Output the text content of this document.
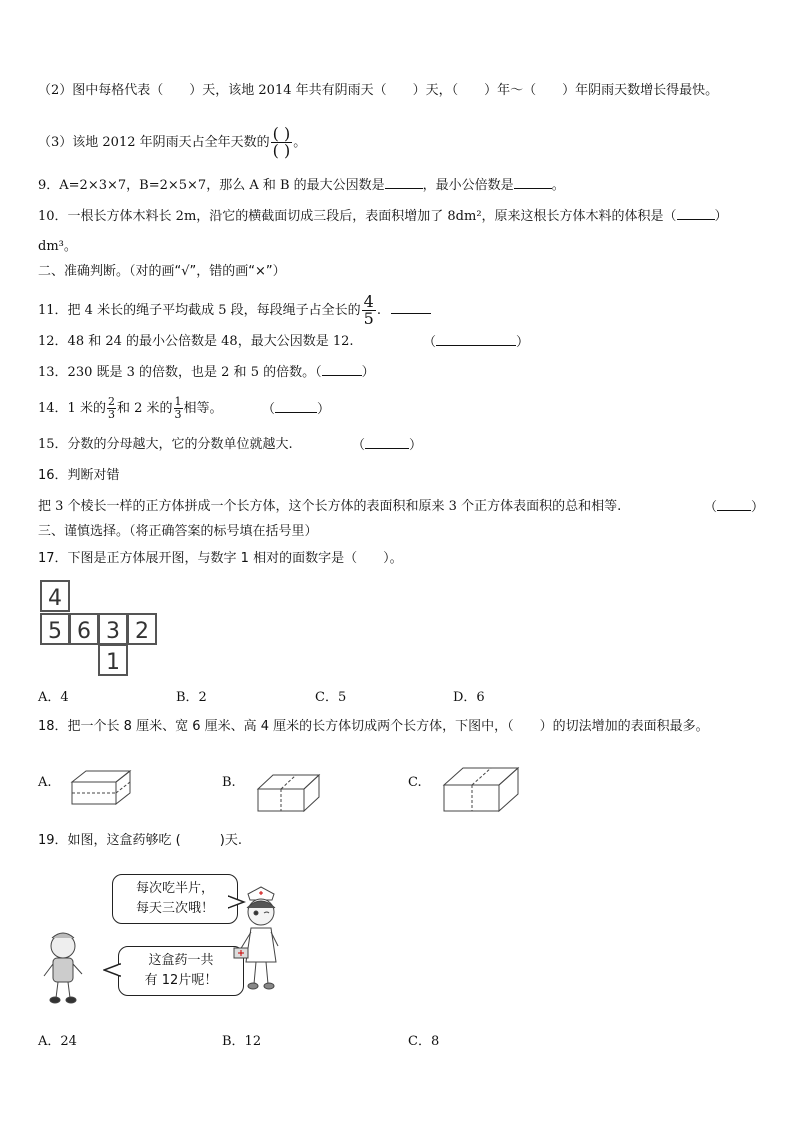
（2）图中每格代表（ ）天，该地 2014 年共有阴雨天（ ）天，（ ）年～（ ）年阴雨天数增长得最快。
（3）该地 2012 年阴雨天占全年天数的 $\frac{( )}{( )}$ 。
9．A=2×3×7，B=2×5×7，那么 A 和 B 的最大公因数是	，最小公倍数是	。
10．一根长方体木料长 2m，沿它的横截面切成三段后，表面积增加了 8dm²，原来这根长方体木料的体积是（	）
dm³。
二、准确判断。（对的画“√”，错的画“×”）
11．把 4 米长的绳子平均截成 5 段，每段绳子占全长的 $\frac{4}{5}$ .
12．48 和 24 的最小公倍数是 48，最大公因数是 12.	（	）
13．230 既是 3 的倍数，也是 2 和 5 的倍数。（	）
14．1 米的 $\frac{2}{3}$ 和 2 米的 $\frac{1}{3}$ 相等。	（	）
15．分数的分母越大，它的分数单位就越大.	（	）
16．判断对错
把 3 个棱长一样的正方体拼成一个长方体，这个长方体的表面积和原来 3 个正方体表面积的总和相等.	（	）
三、谨慎选择。（将正确答案的标号填在括号里）
17．下图是正方体展开图，与数字 1 相对的面数字是（　　）。
4
5 6 3 2
1
A．4	B．2	C．5	D．6
18．把一个长 8 厘米、宽 6 厘米、高 4 厘米的长方体切成两个长方体，下图中，（　　）的切法增加的表面积最多。
A.	B.	C.
19．如图，这盒药够吃 (　　　)天.
每次吃半片，
每天三次哦！
这盒药一共
有 12片呢！
A．24	B．12	C．8
